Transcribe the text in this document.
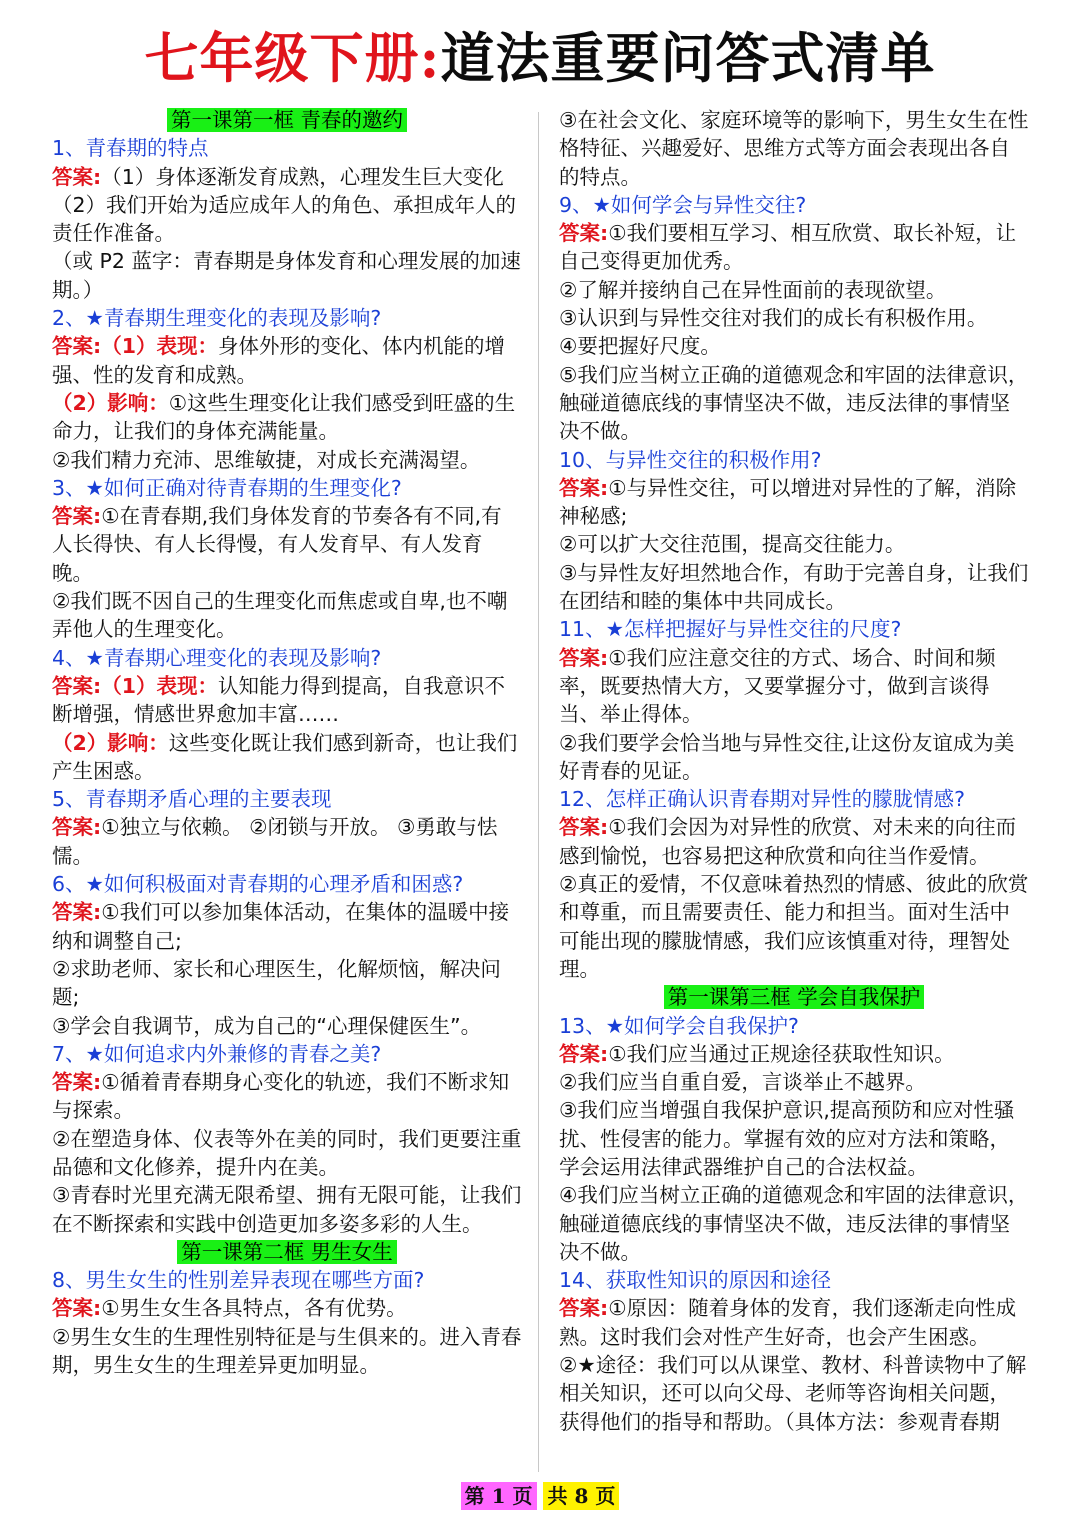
七年级下册:道法重要问答式清单
第一课第一框 青春的邀约
1、青春期的特点
答案:（1）身体逐渐发育成熟，心理发生巨大变化
（2）我们开始为适应成年人的角色、承担成年人的责任作准备。
（或 P2 蓝字：青春期是身体发育和心理发展的加速期。）
2、★青春期生理变化的表现及影响?
答案:（1）表现：身体外形的变化、体内机能的增强、性的发育和成熟。
（2）影响：①这些生理变化让我们感受到旺盛的生命力，让我们的身体充满能量。
②我们精力充沛、思维敏捷，对成长充满渴望。
3、★如何正确对待青春期的生理变化?
答案:①在青春期,我们身体发育的节奏各有不同,有人长得快、有人长得慢，有人发育早、有人发育晚。
②我们既不因自己的生理变化而焦虑或自卑,也不嘲弄他人的生理变化。
4、★青春期心理变化的表现及影响?
答案:（1）表现：认知能力得到提高，自我意识不断增强，情感世界愈加丰富……
（2）影响：这些变化既让我们感到新奇，也让我们产生困惑。
5、青春期矛盾心理的主要表现
答案:①独立与依赖。 ②闭锁与开放。 ③勇敢与怯懦。
6、★如何积极面对青春期的心理矛盾和困惑?
答案:①我们可以参加集体活动，在集体的温暖中接纳和调整自己;
②求助老师、家长和心理医生，化解烦恼，解决问题;
③学会自我调节，成为自己的“心理保健医生”。
7、★如何追求内外兼修的青春之美?
答案:①循着青春期身心变化的轨迹，我们不断求知与探索。
②在塑造身体、仪表等外在美的同时，我们更要注重品德和文化修养，提升内在美。
③青春时光里充满无限希望、拥有无限可能，让我们在不断探索和实践中创造更加多姿多彩的人生。
第一课第二框 男生女生
8、男生女生的性别差异表现在哪些方面?
答案:①男生女生各具特点，各有优势。
②男生女生的生理性别特征是与生俱来的。进入青春期，男生女生的生理差异更加明显。
③在社会文化、家庭环境等的影响下，男生女生在性格特征、兴趣爱好、思维方式等方面会表现出各自的特点。
9、★如何学会与异性交往?
答案:①我们要相互学习、相互欣赏、取长补短，让自己变得更加优秀。
②了解并接纳自己在异性面前的表现欲望。
③认识到与异性交往对我们的成长有积极作用。
④要把握好尺度。
⑤我们应当树立正确的道德观念和牢固的法律意识，触碰道德底线的事情坚决不做，违反法律的事情坚决不做。
10、与异性交往的积极作用?
答案:①与异性交往，可以增进对异性的了解，消除神秘感;
②可以扩大交往范围，提高交往能力。
③与异性友好坦然地合作，有助于完善自身，让我们在团结和睦的集体中共同成长。
11、★怎样把握好与异性交往的尺度?
答案:①我们应注意交往的方式、场合、时间和频率，既要热情大方，又要掌握分寸，做到言谈得当、举止得体。
②我们要学会恰当地与异性交往,让这份友谊成为美好青春的见证。
12、怎样正确认识青春期对异性的朦胧情感?
答案:①我们会因为对异性的欣赏、对未来的向往而感到愉悦，也容易把这种欣赏和向往当作爱情。
②真正的爱情，不仅意味着热烈的情感、彼此的欣赏和尊重，而且需要责任、能力和担当。面对生活中可能出现的朦胧情感，我们应该慎重对待，理智处理。
第一课第三框 学会自我保护
13、★如何学会自我保护?
答案:①我们应当通过正规途径获取性知识。
②我们应当自重自爱，言谈举止不越界。
③我们应当增强自我保护意识,提高预防和应对性骚扰、性侵害的能力。掌握有效的应对方法和策略，学会运用法律武器维护自己的合法权益。
④我们应当树立正确的道德观念和牢固的法律意识，触碰道德底线的事情坚决不做，违反法律的事情坚决不做。
14、获取性知识的原因和途径
答案:①原因：随着身体的发育，我们逐渐走向性成熟。这时我们会对性产生好奇，也会产生困惑。
②★途径：我们可以从课堂、教材、科普读物中了解相关知识，还可以向父母、老师等咨询相关问题，获得他们的指导和帮助。（具体方法：参观青春期
第 1 页 共 8 页
